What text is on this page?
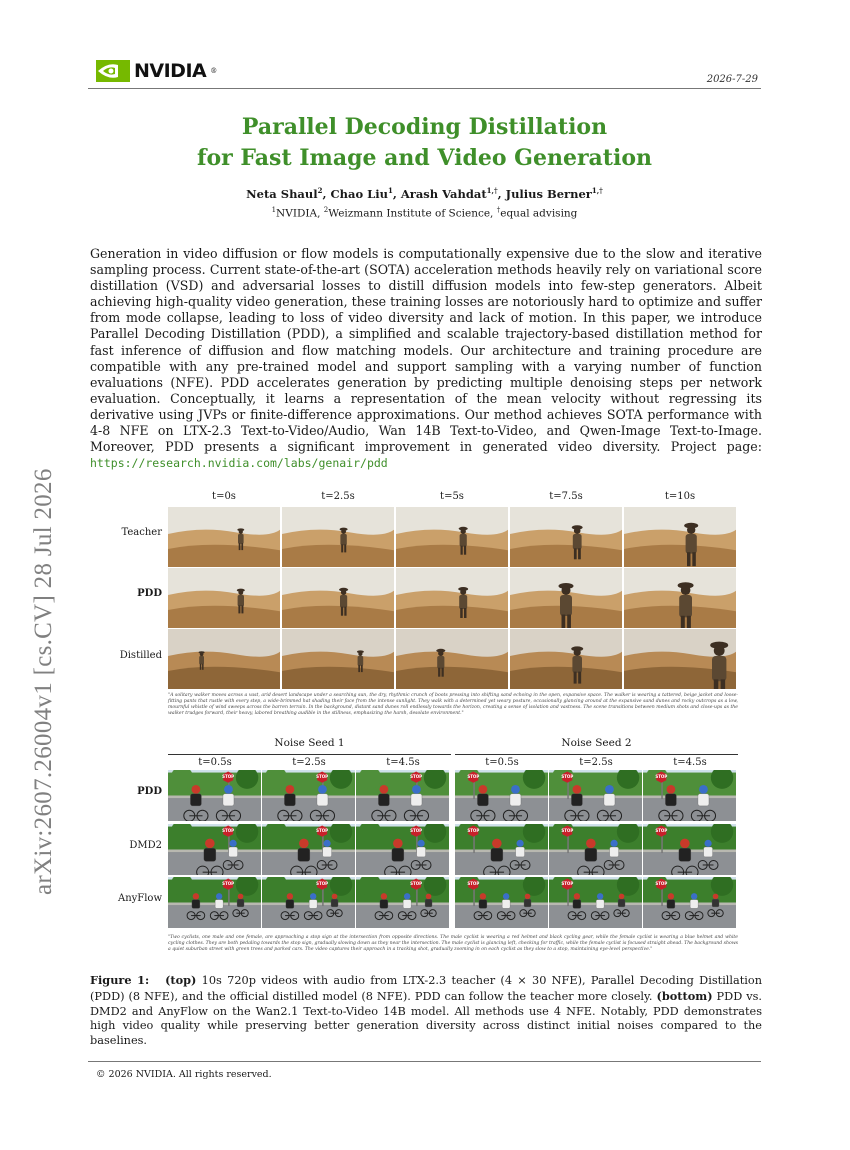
NVIDIA ®
2026-7-29
Parallel Decoding Distillation
for Fast Image and Video Generation
Neta Shaul$^2$, Chao Liu$^1$, Arash Vahdat$^{1,\dagger}$, Julius Berner$^{1,\dagger}$
$^1$NVIDIA, $^2$Weizmann Institute of Science, †equal advising
Generation in video diffusion or flow models is computationally expensive due to the slow and iterative sampling process. Current state-of-the-art (SOTA) acceleration methods heavily rely on variational score distillation (VSD) and adversarial losses to distill diffusion models into few-step generators. Albeit achieving high-quality video generation, these training losses are notoriously hard to optimize and suffer from mode collapse, leading to loss of video diversity and lack of motion. In this paper, we introduce Parallel Decoding Distillation (PDD), a simplified and scalable trajectory-based distillation method for fast inference of diffusion and flow matching models. Our architecture and training procedure are compatible with any pre-trained model and support sampling with a varying number of function evaluations (NFE). PDD accelerates generation by predicting multiple denoising steps per network evaluation. Conceptually, it learns a representation of the mean velocity without regressing its derivative using JVPs or finite-difference approximations. Our method achieves SOTA performance with 4-8 NFE on LTX-2.3 Text-to-Video/Audio, Wan 14B Text-to-Video, and Qwen-Image Text-to-Image. Moreover, PDD presents a significant improvement in generated video diversity. Project page: https://research.nvidia.com/labs/genair/pdd
arXiv:2607.26004v1 [cs.CV] 28 Jul 2026	t=0s	t=2.5s	t=5s	t=7.5s	t=10s
Teacher
PDD
Distilled
"A solitary walker moves across a vast, arid desert landscape under a searching sun, the dry, rhythmic crunch of boots pressing into shifting sand echoing in the open, expansive space. The walker is wearing a tattered, beige jacket and loose-fitting pants that rustle with every step, a wide-brimmed hat shading their face from the intense sunlight. They walk with a determined yet weary posture, occasionally glancing around at the expansive sand dunes and rocky outcrops as a low, mournful whistle of wind sweeps across the barren terrain. In the background, distant sand dunes roll endlessly towards the horizon, creating a sense of isolation and vastness. The scene transitions between medium shots and close-ups as the walker trudges forward, their heavy, labored breathing audible in the stillness, emphasizing the harsh, desolate environment."
Noise Seed 1	Noise Seed 2
t=0.5s	t=2.5s	t=4.5s	t=0.5s	t=2.5s	t=4.5s
PDD
DMD2
AnyFlow
STOP	STOP	STOP	STOP	STOP	STOP
STOP	STOP	STOP	STOP	STOP	STOP
STOP	STOP	STOP	STOP	STOP	STOP
"Two cyclists, one male and one female, are approaching a stop sign at the intersection from opposite directions. The male cyclist is wearing a red helmet and black cycling gear, while the female cyclist is wearing a blue helmet and white cycling clothes. They are both pedaling towards the stop sign, gradually slowing down as they near the intersection. The male cyclist is glancing left, checking for traffic, while the female cyclist is focused straight ahead. The background shows a quiet suburban street with green trees and parked cars. The video captures their approach in a tracking shot, gradually zooming in on each cyclist as they slow to a stop, maintaining eye-level perspective."
Figure 1: (top) 10s 720p videos with audio from LTX-2.3 teacher (4 × 30 NFE), Parallel Decoding Distillation (PDD) (8 NFE), and the official distilled model (8 NFE). PDD can follow the teacher more closely. (bottom) PDD vs. DMD2 and AnyFlow on the Wan2.1 Text-to-Video 14B model. All methods use 4 NFE. Notably, PDD demonstrates high video quality while preserving better generation diversity across distinct initial noises compared to the baselines.
© 2026 NVIDIA. All rights reserved.
